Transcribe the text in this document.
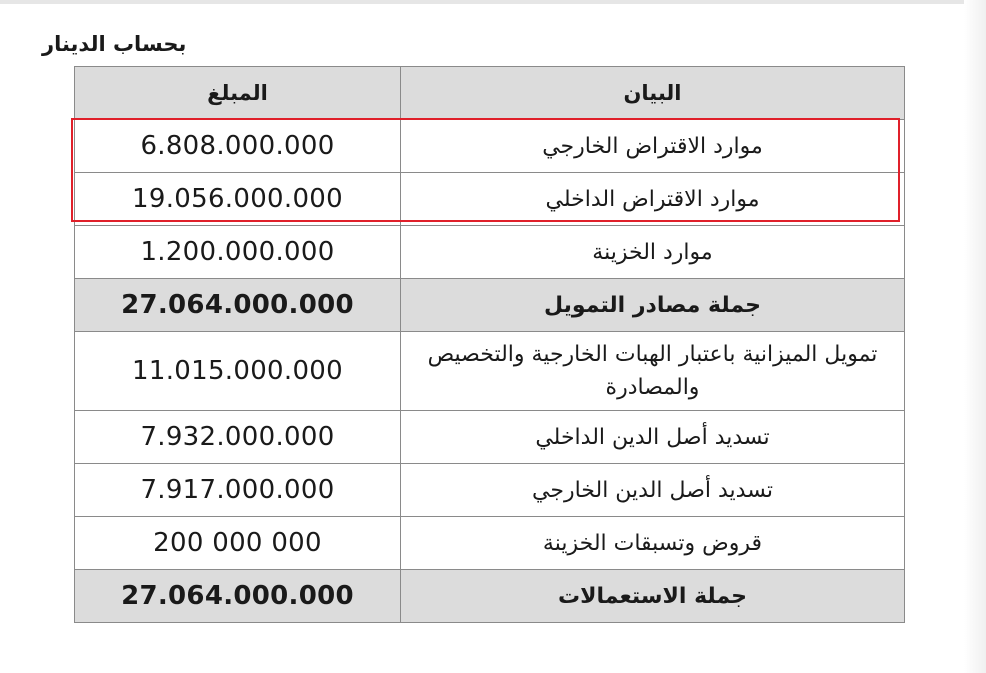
بحساب الدينار
المبلغ	البيان
6.808.000.000	موارد الاقتراض الخارجي
19.056.000.000	موارد الاقتراض الداخلي
1.200.000.000	موارد الخزينة
27.064.000.000	جملة مصادر التمويل
11.015.000.000	تمويل الميزانية باعتبار الهبات الخارجية والتخصيص والمصادرة
7.932.000.000	تسديد أصل الدين الداخلي
7.917.000.000	تسديد أصل الدين الخارجي
200 000 000	قروض وتسبقات الخزينة
27.064.000.000	جملة الاستعمالات
